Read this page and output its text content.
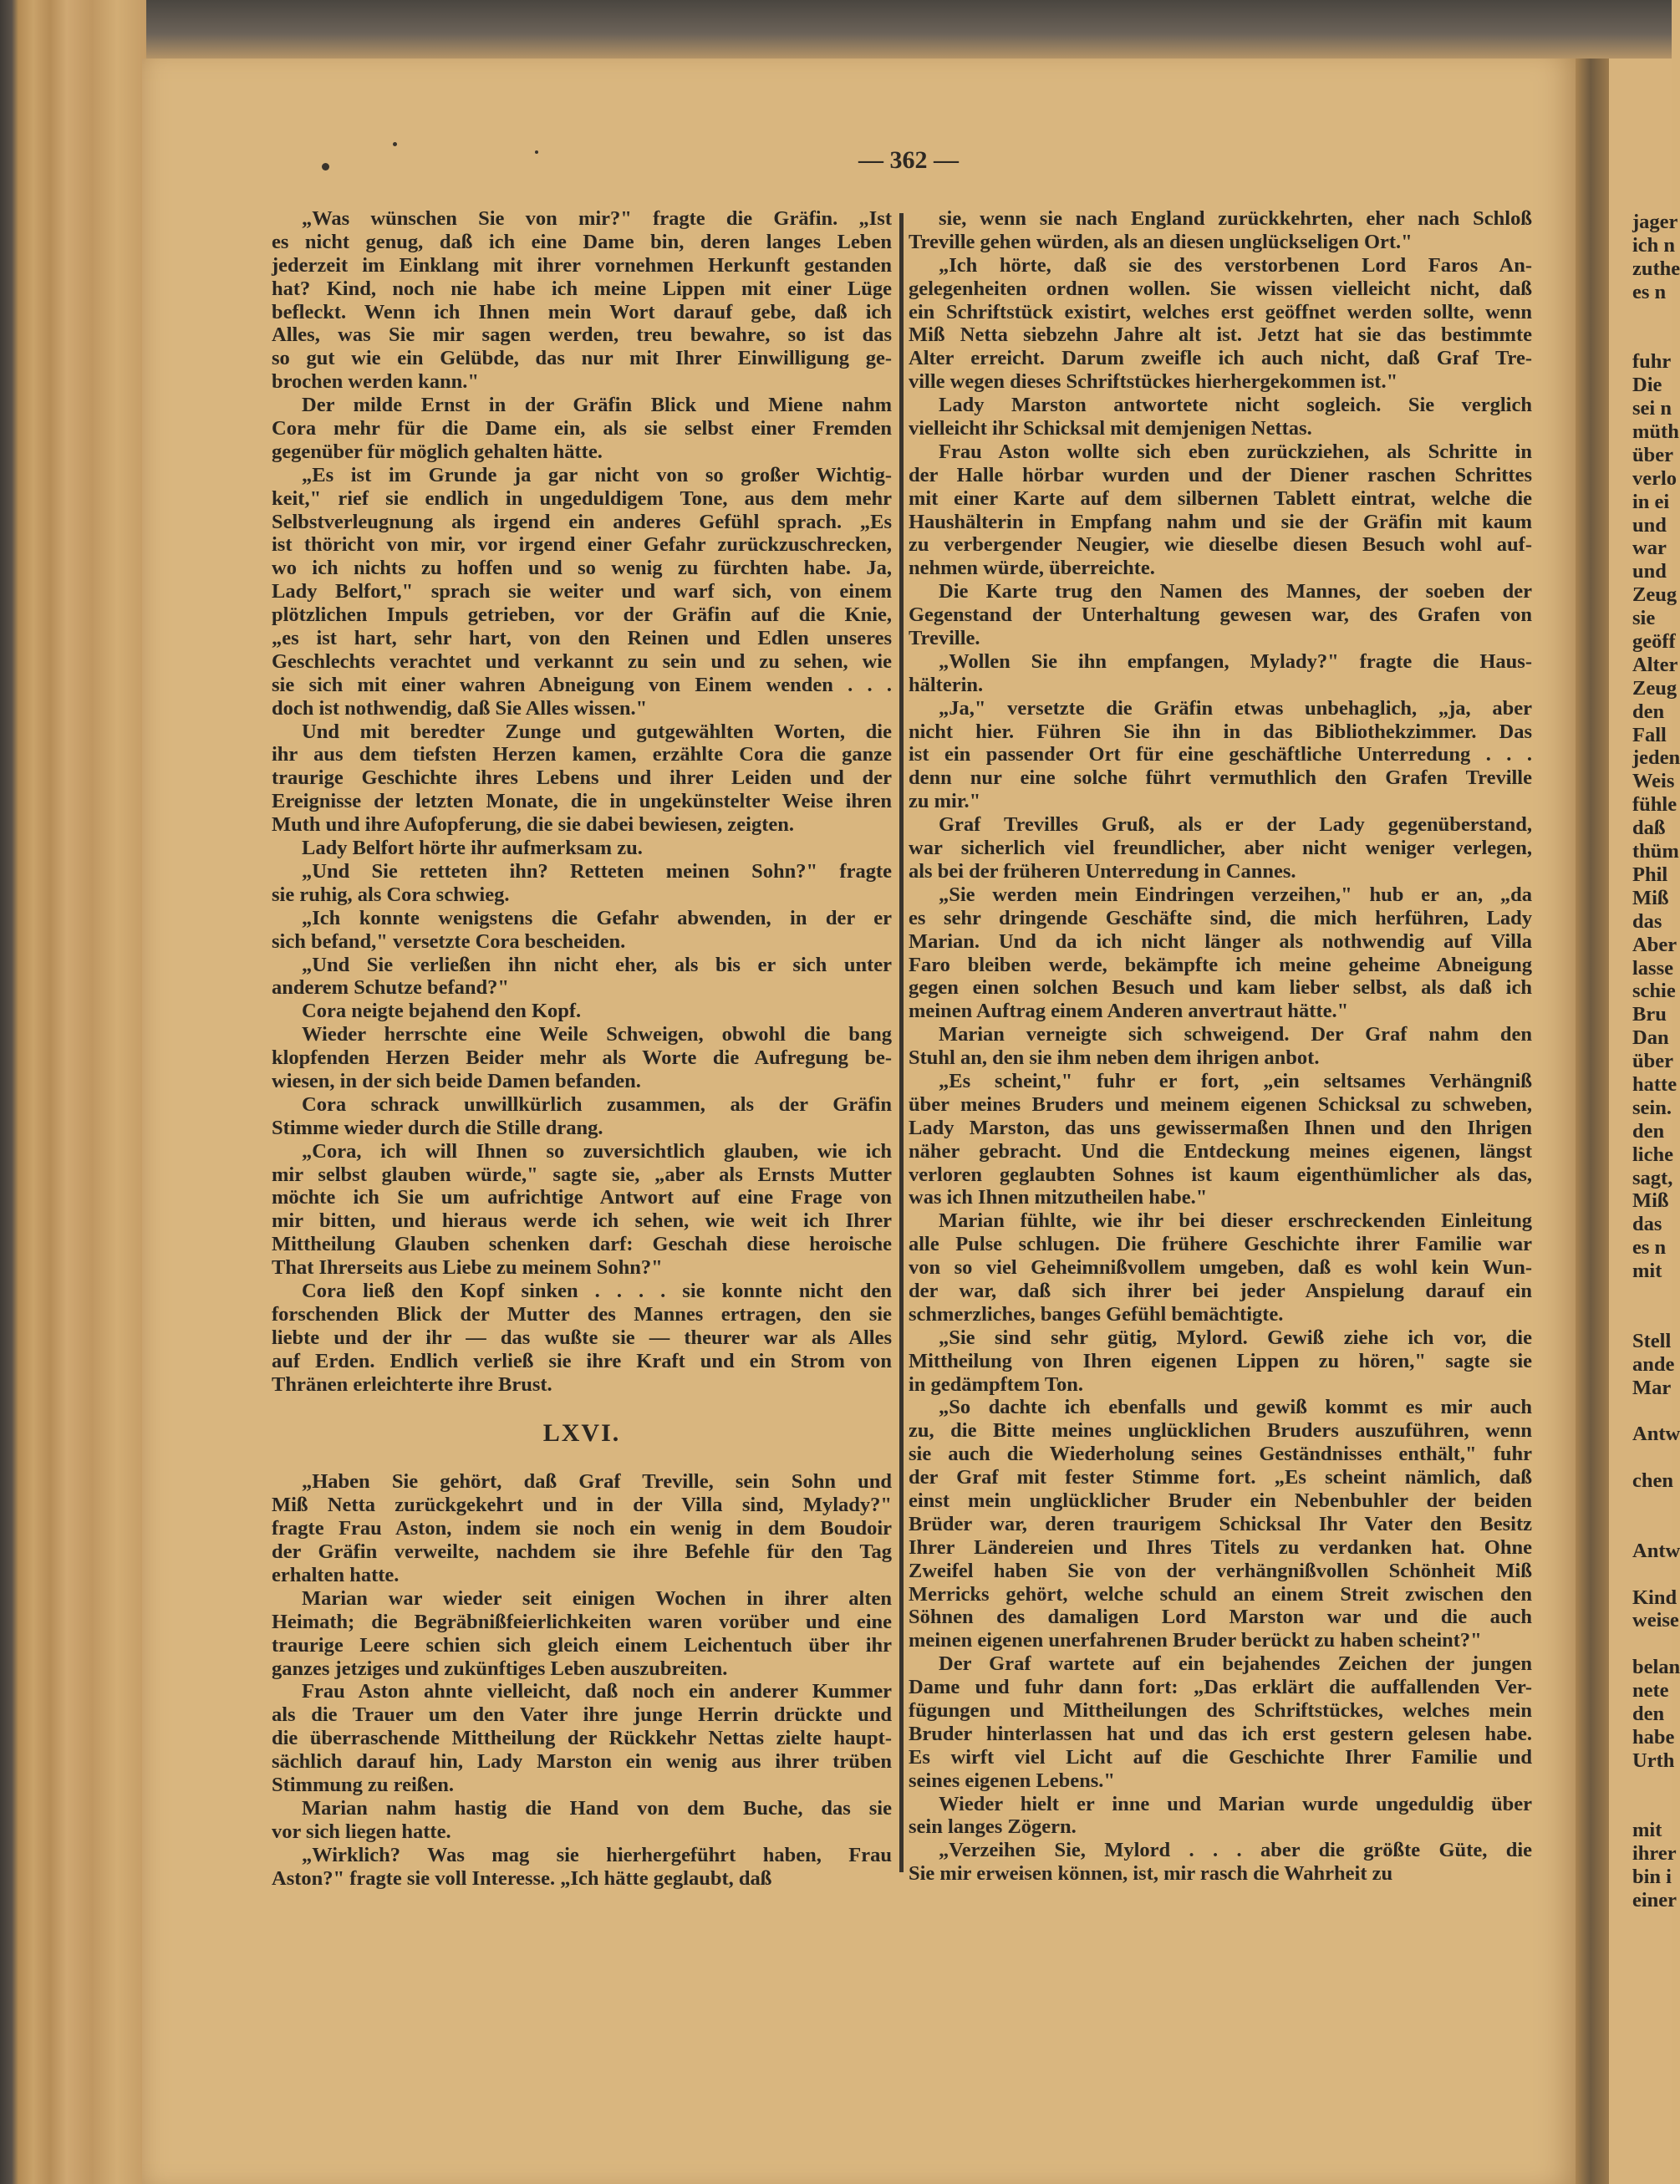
— 362 —
„Was wünschen Sie von mir?" fragte die Gräfin. „Ist
es nicht genug, daß ich eine Dame bin, deren langes Leben
jederzeit im Einklang mit ihrer vornehmen Herkunft gestanden
hat? Kind, noch nie habe ich meine Lippen mit einer Lüge
befleckt. Wenn ich Ihnen mein Wort darauf gebe, daß ich
Alles, was Sie mir sagen werden, treu bewahre, so ist das
so gut wie ein Gelübde, das nur mit Ihrer Einwilligung ge-
brochen werden kann."
Der milde Ernst in der Gräfin Blick und Miene nahm
Cora mehr für die Dame ein, als sie selbst einer Fremden
gegenüber für möglich gehalten hätte.
„Es ist im Grunde ja gar nicht von so großer Wichtig-
keit," rief sie endlich in ungeduldigem Tone, aus dem mehr
Selbstverleugnung als irgend ein anderes Gefühl sprach. „Es
ist thöricht von mir, vor irgend einer Gefahr zurückzuschrecken,
wo ich nichts zu hoffen und so wenig zu fürchten habe. Ja,
Lady Belfort," sprach sie weiter und warf sich, von einem
plötzlichen Impuls getrieben, vor der Gräfin auf die Knie,
„es ist hart, sehr hart, von den Reinen und Edlen unseres
Geschlechts verachtet und verkannt zu sein und zu sehen, wie
sie sich mit einer wahren Abneigung von Einem wenden . . .
doch ist nothwendig, daß Sie Alles wissen."
Und mit beredter Zunge und gutgewählten Worten, die
ihr aus dem tiefsten Herzen kamen, erzählte Cora die ganze
traurige Geschichte ihres Lebens und ihrer Leiden und der
Ereignisse der letzten Monate, die in ungekünstelter Weise ihren
Muth und ihre Aufopferung, die sie dabei bewiesen, zeigten.
Lady Belfort hörte ihr aufmerksam zu.
„Und Sie retteten ihn? Retteten meinen Sohn?" fragte
sie ruhig, als Cora schwieg.
„Ich konnte wenigstens die Gefahr abwenden, in der er
sich befand," versetzte Cora bescheiden.
„Und Sie verließen ihn nicht eher, als bis er sich unter
anderem Schutze befand?"
Cora neigte bejahend den Kopf.
Wieder herrschte eine Weile Schweigen, obwohl die bang
klopfenden Herzen Beider mehr als Worte die Aufregung be-
wiesen, in der sich beide Damen befanden.
Cora schrack unwillkürlich zusammen, als der Gräfin
Stimme wieder durch die Stille drang.
„Cora, ich will Ihnen so zuversichtlich glauben, wie ich
mir selbst glauben würde," sagte sie, „aber als Ernsts Mutter
möchte ich Sie um aufrichtige Antwort auf eine Frage von
mir bitten, und hieraus werde ich sehen, wie weit ich Ihrer
Mittheilung Glauben schenken darf: Geschah diese heroische
That Ihrerseits aus Liebe zu meinem Sohn?"
Cora ließ den Kopf sinken . . . . sie konnte nicht den
forschenden Blick der Mutter des Mannes ertragen, den sie
liebte und der ihr — das wußte sie — theurer war als Alles
auf Erden. Endlich verließ sie ihre Kraft und ein Strom von
Thränen erleichterte ihre Brust.
LXVI.
„Haben Sie gehört, daß Graf Treville, sein Sohn und
Miß Netta zurückgekehrt und in der Villa sind, Mylady?"
fragte Frau Aston, indem sie noch ein wenig in dem Boudoir
der Gräfin verweilte, nachdem sie ihre Befehle für den Tag
erhalten hatte.
Marian war wieder seit einigen Wochen in ihrer alten
Heimath; die Begräbnißfeierlichkeiten waren vorüber und eine
traurige Leere schien sich gleich einem Leichentuch über ihr
ganzes jetziges und zukünftiges Leben auszubreiten.
Frau Aston ahnte vielleicht, daß noch ein anderer Kummer
als die Trauer um den Vater ihre junge Herrin drückte und
die überraschende Mittheilung der Rückkehr Nettas zielte haupt-
sächlich darauf hin, Lady Marston ein wenig aus ihrer trüben
Stimmung zu reißen.
Marian nahm hastig die Hand von dem Buche, das sie
vor sich liegen hatte.
„Wirklich? Was mag sie hierhergeführt haben, Frau
Aston?" fragte sie voll Interesse. „Ich hätte geglaubt, daß
sie, wenn sie nach England zurückkehrten, eher nach Schloß
Treville gehen würden, als an diesen unglückseligen Ort."
„Ich hörte, daß sie des verstorbenen Lord Faros An-
gelegenheiten ordnen wollen. Sie wissen vielleicht nicht, daß
ein Schriftstück existirt, welches erst geöffnet werden sollte, wenn
Miß Netta siebzehn Jahre alt ist. Jetzt hat sie das bestimmte
Alter erreicht. Darum zweifle ich auch nicht, daß Graf Tre-
ville wegen dieses Schriftstückes hierhergekommen ist."
Lady Marston antwortete nicht sogleich. Sie verglich
vielleicht ihr Schicksal mit demjenigen Nettas.
Frau Aston wollte sich eben zurückziehen, als Schritte in
der Halle hörbar wurden und der Diener raschen Schrittes
mit einer Karte auf dem silbernen Tablett eintrat, welche die
Haushälterin in Empfang nahm und sie der Gräfin mit kaum
zu verbergender Neugier, wie dieselbe diesen Besuch wohl auf-
nehmen würde, überreichte.
Die Karte trug den Namen des Mannes, der soeben der
Gegenstand der Unterhaltung gewesen war, des Grafen von
Treville.
„Wollen Sie ihn empfangen, Mylady?" fragte die Haus-
hälterin.
„Ja," versetzte die Gräfin etwas unbehaglich, „ja, aber
nicht hier. Führen Sie ihn in das Bibliothekzimmer. Das
ist ein passender Ort für eine geschäftliche Unterredung . . .
denn nur eine solche führt vermuthlich den Grafen Treville
zu mir."
Graf Trevilles Gruß, als er der Lady gegenüberstand,
war sicherlich viel freundlicher, aber nicht weniger verlegen,
als bei der früheren Unterredung in Cannes.
„Sie werden mein Eindringen verzeihen," hub er an, „da
es sehr dringende Geschäfte sind, die mich herführen, Lady
Marian. Und da ich nicht länger als nothwendig auf Villa
Faro bleiben werde, bekämpfte ich meine geheime Abneigung
gegen einen solchen Besuch und kam lieber selbst, als daß ich
meinen Auftrag einem Anderen anvertraut hätte."
Marian verneigte sich schweigend. Der Graf nahm den
Stuhl an, den sie ihm neben dem ihrigen anbot.
„Es scheint," fuhr er fort, „ein seltsames Verhängniß
über meines Bruders und meinem eigenen Schicksal zu schweben,
Lady Marston, das uns gewissermaßen Ihnen und den Ihrigen
näher gebracht. Und die Entdeckung meines eigenen, längst
verloren geglaubten Sohnes ist kaum eigenthümlicher als das,
was ich Ihnen mitzutheilen habe."
Marian fühlte, wie ihr bei dieser erschreckenden Einleitung
alle Pulse schlugen. Die frühere Geschichte ihrer Familie war
von so viel Geheimnißvollem umgeben, daß es wohl kein Wun-
der war, daß sich ihrer bei jeder Anspielung darauf ein
schmerzliches, banges Gefühl bemächtigte.
„Sie sind sehr gütig, Mylord. Gewiß ziehe ich vor, die
Mittheilung von Ihren eigenen Lippen zu hören," sagte sie
in gedämpftem Ton.
„So dachte ich ebenfalls und gewiß kommt es mir auch
zu, die Bitte meines unglücklichen Bruders auszuführen, wenn
sie auch die Wiederholung seines Geständnisses enthält," fuhr
der Graf mit fester Stimme fort. „Es scheint nämlich, daß
einst mein unglücklicher Bruder ein Nebenbuhler der beiden
Brüder war, deren traurigem Schicksal Ihr Vater den Besitz
Ihrer Ländereien und Ihres Titels zu verdanken hat. Ohne
Zweifel haben Sie von der verhängnißvollen Schönheit Miß
Merricks gehört, welche schuld an einem Streit zwischen den
Söhnen des damaligen Lord Marston war und die auch
meinen eigenen unerfahrenen Bruder berückt zu haben scheint?"
Der Graf wartete auf ein bejahendes Zeichen der jungen
Dame und fuhr dann fort: „Das erklärt die auffallenden Ver-
fügungen und Mittheilungen des Schriftstückes, welches mein
Bruder hinterlassen hat und das ich erst gestern gelesen habe.
Es wirft viel Licht auf die Geschichte Ihrer Familie und
seines eigenen Lebens."
Wieder hielt er inne und Marian wurde ungeduldig über
sein langes Zögern.
„Verzeihen Sie, Mylord . . . aber die größte Güte, die
Sie mir erweisen können, ist, mir rasch die Wahrheit zu
jager
ich n
zuthe
es n
fuhr
Die
sei n
müth
über
verlo
in ei
und
war
und
Zeug
sie
geöff
Alter
Zeug
den
Fall
jeden
Weis
fühle
daß
thüm
Phil
Miß
das
Aber
lasse
schie
Bru
Dan
über
hatte
sein.
den
liche
sagt,
Miß
das
es n
mit
Stell
ande
Mar
Antw
chen
Antw
Kind
weise
belan
nete
den
habe
Urth
mit
ihrer
bin i
einer
